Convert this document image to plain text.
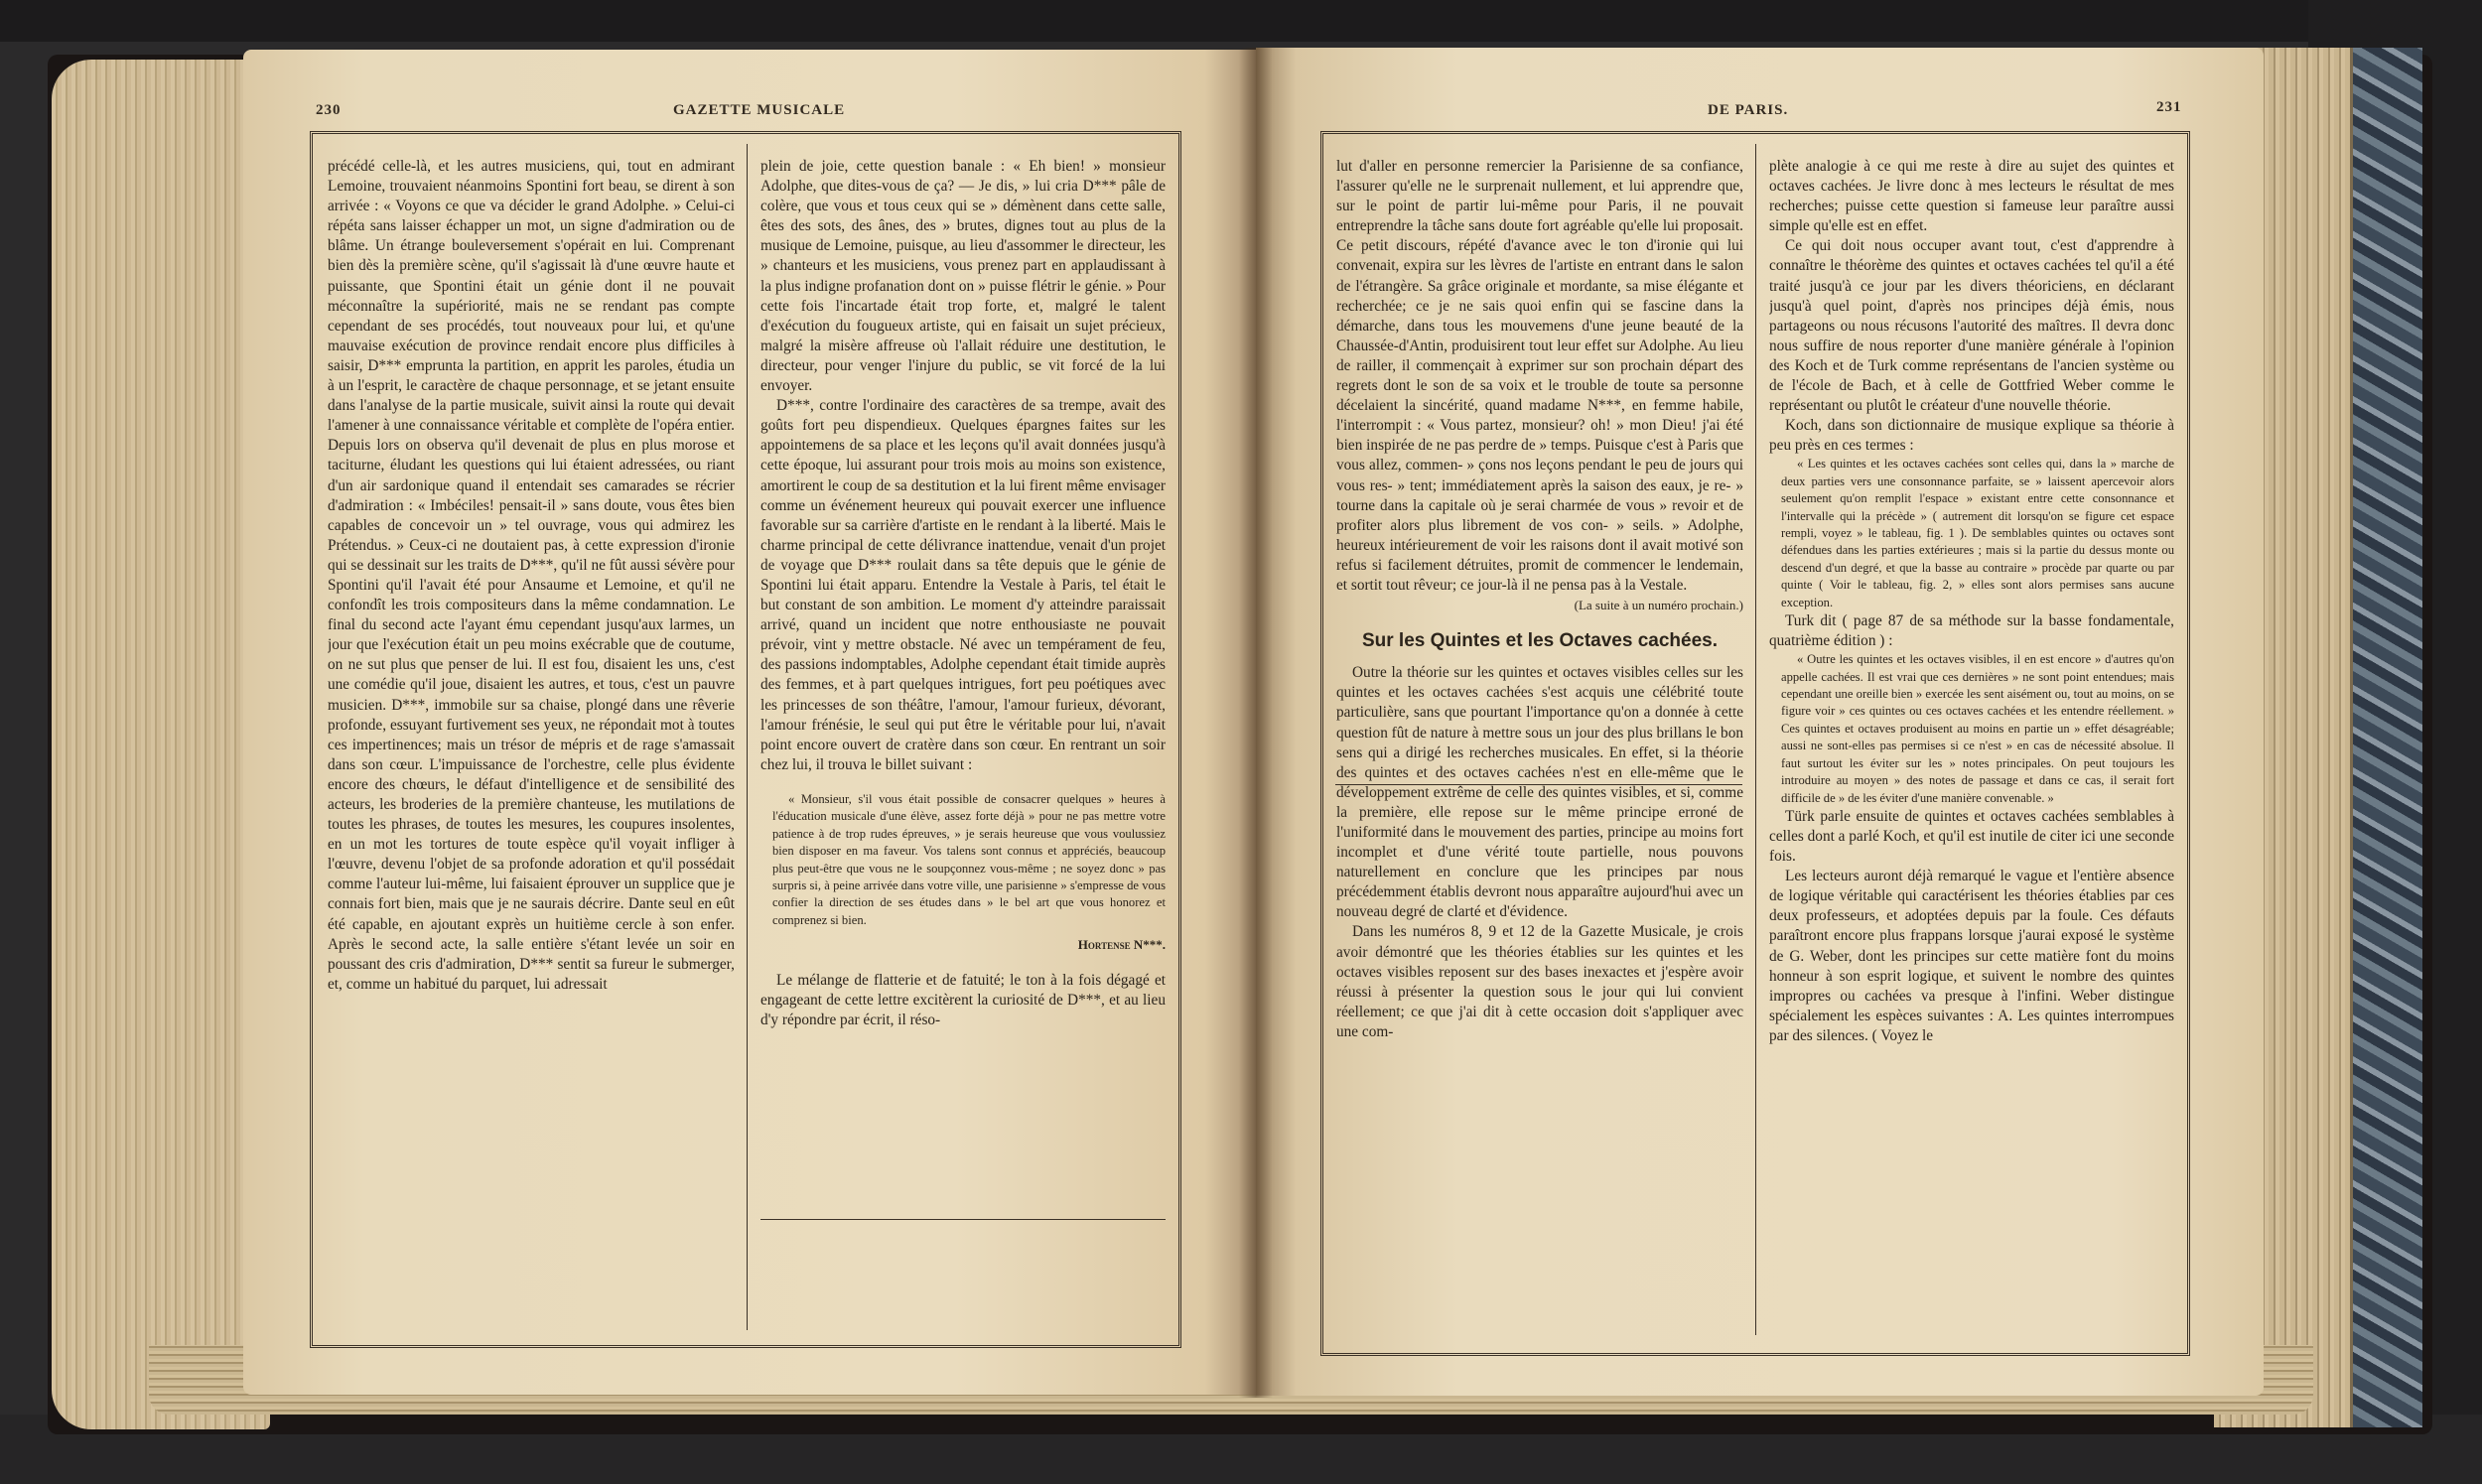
230	GAZETTE MUSICALE

précédé celle-là, et les autres musiciens, qui, tout en admirant Lemoine, trouvaient néanmoins Spontini fort beau, se dirent à son arrivée : « Voyons ce que va décider le grand Adolphe. » Celui-ci répéta sans laisser échapper un mot, un signe d'admiration ou de blâme. Un étrange bouleversement s'opérait en lui. Comprenant bien dès la première scène, qu'il s'agissait là d'une œuvre haute et puissante, que Spontini était un génie dont il ne pouvait méconnaître la supériorité, mais ne se rendant pas compte cependant de ses procédés, tout nouveaux pour lui, et qu'une mauvaise exécution de province rendait encore plus difficiles à saisir, D*** emprunta la partition, en apprit les paroles, étudia un à un l'esprit, le caractère de chaque personnage, et se jetant ensuite dans l'analyse de la partie musicale, suivit ainsi la route qui devait l'amener à une connaissance véritable et complète de l'opéra entier. Depuis lors on observa qu'il devenait de plus en plus morose et taciturne, éludant les questions qui lui étaient adressées, ou riant d'un air sardonique quand il entendait ses camarades se récrier d'admiration : « Imbéciles! pensait-il » sans doute, vous êtes bien capables de concevoir un » tel ouvrage, vous qui admirez les Prétendus. » Ceux-ci ne doutaient pas, à cette expression d'ironie qui se dessinait sur les traits de D***, qu'il ne fût aussi sévère pour Spontini qu'il l'avait été pour Ansaume et Lemoine, et qu'il ne confondît les trois compositeurs dans la même condamnation. Le final du second acte l'ayant ému cependant jusqu'aux larmes, un jour que l'exécution était un peu moins exécrable que de coutume, on ne sut plus que penser de lui. Il est fou, disaient les uns, c'est une comédie qu'il joue, disaient les autres, et tous, c'est un pauvre musicien. D***, immobile sur sa chaise, plongé dans une rêverie profonde, essuyant furtivement ses yeux, ne répondait mot à toutes ces impertinences; mais un trésor de mépris et de rage s'amassait dans son cœur. L'impuissance de l'orchestre, celle plus évidente encore des chœurs, le défaut d'intelligence et de sensibilité des acteurs, les broderies de la première chanteuse, les mutilations de toutes les phrases, de toutes les mesures, les coupures insolentes, en un mot les tortures de toute espèce qu'il voyait infliger à l'œuvre, devenu l'objet de sa profonde adoration et qu'il possédait comme l'auteur lui-même, lui faisaient éprouver un supplice que je connais fort bien, mais que je ne saurais décrire. Dante seul en eût été capable, en ajoutant exprès un huitième cercle à son enfer. Après le second acte, la salle entière s'étant levée un soir en poussant des cris d'admiration, D*** sentit sa fureur le submerger, et, comme un habitué du parquet, lui adressait

plein de joie, cette question banale : « Eh bien! » monsieur Adolphe, que dites-vous de ça? — Je dis, » lui cria D*** pâle de colère, que vous et tous ceux qui se » démènent dans cette salle, êtes des sots, des ânes, des » brutes, dignes tout au plus de la musique de Lemoine, puisque, au lieu d'assommer le directeur, les » chanteurs et les musiciens, vous prenez part en applaudissant à la plus indigne profanation dont on » puisse flétrir le génie. » Pour cette fois l'incartade était trop forte, et, malgré le talent d'exécution du fougueux artiste, qui en faisait un sujet précieux, malgré la misère affreuse où l'allait réduire une destitution, le directeur, pour venger l'injure du public, se vit forcé de la lui envoyer.

D***, contre l'ordinaire des caractères de sa trempe, avait des goûts fort peu dispendieux. Quelques épargnes faites sur les appointemens de sa place et les leçons qu'il avait données jusqu'à cette époque, lui assurant pour trois mois au moins son existence, amortirent le coup de sa destitution et la lui firent même envisager comme un événement heureux qui pouvait exercer une influence favorable sur sa carrière d'artiste en le rendant à la liberté. Mais le charme principal de cette délivrance inattendue, venait d'un projet de voyage que D*** roulait dans sa tête depuis que le génie de Spontini lui était apparu. Entendre la Vestale à Paris, tel était le but constant de son ambition. Le moment d'y atteindre paraissait arrivé, quand un incident que notre enthousiaste ne pouvait prévoir, vint y mettre obstacle. Né avec un tempérament de feu, des passions indomptables, Adolphe cependant était timide auprès des femmes, et à part quelques intrigues, fort peu poétiques avec les princesses de son théâtre, l'amour, l'amour furieux, dévorant, l'amour frénésie, le seul qui put être le véritable pour lui, n'avait point encore ouvert de cratère dans son cœur. En rentrant un soir chez lui, il trouva le billet suivant :

« Monsieur, s'il vous était possible de consacrer quelques » heures à l'éducation musicale d'une élève, assez forte déjà » pour ne pas mettre votre patience à de trop rudes épreuves, » je serais heureuse que vous voulussiez bien disposer en ma faveur. Vos talens sont connus et appréciés, beaucoup plus peut-être que vous ne le soupçonnez vous-même ; ne soyez donc » pas surpris si, à peine arrivée dans votre ville, une parisienne » s'empresse de vous confier la direction de ses études dans » le bel art que vous honorez et comprenez si bien.

Hortense N***.

Le mélange de flatterie et de fatuité; le ton à la fois dégagé et engageant de cette lettre excitèrent la curiosité de D***, et au lieu d'y répondre par écrit, il réso-

DE PARIS.	231

lut d'aller en personne remercier la Parisienne de sa confiance, l'assurer qu'elle ne le surprenait nullement, et lui apprendre que, sur le point de partir lui-même pour Paris, il ne pouvait entreprendre la tâche sans doute fort agréable qu'elle lui proposait. Ce petit discours, répété d'avance avec le ton d'ironie qui lui convenait, expira sur les lèvres de l'artiste en entrant dans le salon de l'étrangère. Sa grâce originale et mordante, sa mise élégante et recherchée; ce je ne sais quoi enfin qui se fascine dans la démarche, dans tous les mouvemens d'une jeune beauté de la Chaussée-d'Antin, produisirent tout leur effet sur Adolphe. Au lieu de railler, il commençait à exprimer sur son prochain départ des regrets dont le son de sa voix et le trouble de toute sa personne décelaient la sincérité, quand madame N***, en femme habile, l'interrompit : « Vous partez, monsieur? oh! » mon Dieu! j'ai été bien inspirée de ne pas perdre de » temps. Puisque c'est à Paris que vous allez, commen- » çons nos leçons pendant le peu de jours qui vous res- » tent; immédiatement après la saison des eaux, je re- » tourne dans la capitale où je serai charmée de vous » revoir et de profiter alors plus librement de vos con- » seils. » Adolphe, heureux intérieurement de voir les raisons dont il avait motivé son refus si facilement détruites, promit de commencer le lendemain, et sortit tout rêveur; ce jour-là il ne pensa pas à la Vestale.

(La suite à un numéro prochain.)

Sur les Quintes et les Octaves cachées.

Outre la théorie sur les quintes et octaves visibles celles sur les quintes et les octaves cachées s'est acquis une célébrité toute particulière, sans que pourtant l'importance qu'on a donnée à cette question fût de nature à mettre sous un jour des plus brillans le bon sens qui a dirigé les recherches musicales. En effet, si la théorie des quintes et des octaves cachées n'est en elle-même que le développement extrême de celle des quintes visibles, et si, comme la première, elle repose sur le même principe erroné de l'uniformité dans le mouvement des parties, principe au moins fort incomplet et d'une vérité toute partielle, nous pouvons naturellement en conclure que les principes par nous précédemment établis devront nous apparaître aujourd'hui avec un nouveau degré de clarté et d'évidence.

Dans les numéros 8, 9 et 12 de la Gazette Musicale, je crois avoir démontré que les théories établies sur les quintes et les octaves visibles reposent sur des bases inexactes et j'espère avoir réussi à présenter la question sous le jour qui lui convient réellement; ce que j'ai dit à cette occasion doit s'appliquer avec une com-

plète analogie à ce qui me reste à dire au sujet des quintes et octaves cachées. Je livre donc à mes lecteurs le résultat de mes recherches; puisse cette question si fameuse leur paraître aussi simple qu'elle est en effet.

Ce qui doit nous occuper avant tout, c'est d'apprendre à connaître le théorème des quintes et octaves cachées tel qu'il a été traité jusqu'à ce jour par les divers théoriciens, en déclarant jusqu'à quel point, d'après nos principes déjà émis, nous partageons ou nous récusons l'autorité des maîtres. Il devra donc nous suffire de nous reporter d'une manière générale à l'opinion des Koch et de Turk comme représentans de l'ancien système ou de l'école de Bach, et à celle de Gottfried Weber comme le représentant ou plutôt le créateur d'une nouvelle théorie.

Koch, dans son dictionnaire de musique explique sa théorie à peu près en ces termes :

« Les quintes et les octaves cachées sont celles qui, dans la » marche de deux parties vers une consonnance parfaite, se » laissent apercevoir alors seulement qu'on remplit l'espace » existant entre cette consonnance et l'intervalle qui la précède » ( autrement dit lorsqu'on se figure cet espace rempli, voyez » le tableau, fig. 1 ). De semblables quintes ou octaves sont défendues dans les parties extérieures ; mais si la partie du dessus monte ou descend d'un degré, et que la basse au contraire » procède par quarte ou par quinte ( Voir le tableau, fig. 2, » elles sont alors permises sans aucune exception.

Turk dit ( page 87 de sa méthode sur la basse fondamentale, quatrième édition ) :

« Outre les quintes et les octaves visibles, il en est encore » d'autres qu'on appelle cachées. Il est vrai que ces dernières » ne sont point entendues; mais cependant une oreille bien » exercée les sent aisément ou, tout au moins, on se figure voir » ces quintes ou ces octaves cachées et les entendre réellement. » Ces quintes et octaves produisent au moins en partie un » effet désagréable; aussi ne sont-elles pas permises si ce n'est » en cas de nécessité absolue. Il faut surtout les éviter sur les » notes principales. On peut toujours les introduire au moyen » des notes de passage et dans ce cas, il serait fort difficile de » de les éviter d'une manière convenable. »

Türk parle ensuite de quintes et octaves cachées semblables à celles dont a parlé Koch, et qu'il est inutile de citer ici une seconde fois.

Les lecteurs auront déjà remarqué le vague et l'entière absence de logique véritable qui caractérisent les théories établies par ces deux professeurs, et adoptées depuis par la foule. Ces défauts paraîtront encore plus frappans lorsque j'aurai exposé le système de G. Weber, dont les principes sur cette matière font du moins honneur à son esprit logique, et suivent le nombre des quintes impropres ou cachées va presque à l'infini. Weber distingue spécialement les espèces suivantes : A. Les quintes interrompues par des silences. ( Voyez le
